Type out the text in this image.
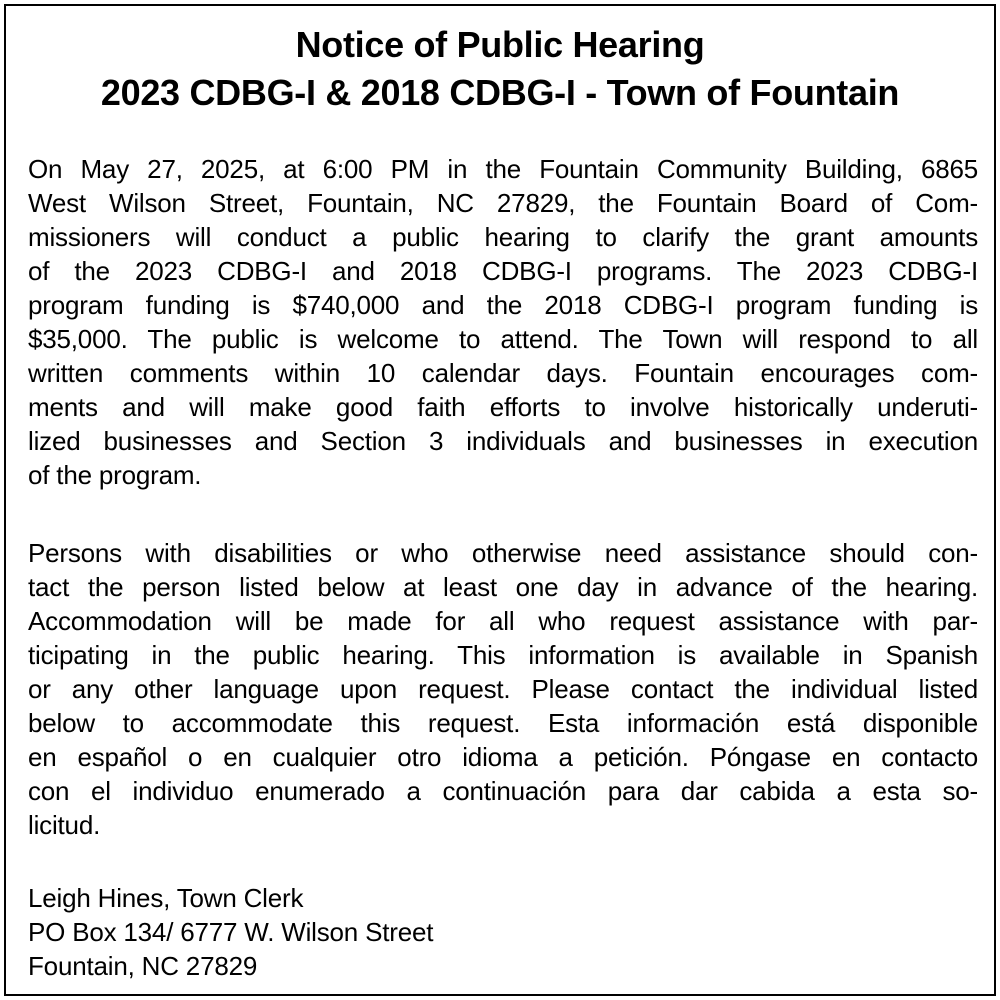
Notice of Public Hearing
2023 CDBG-I & 2018 CDBG-I - Town of Fountain
On May 27, 2025, at 6:00 PM in the Fountain Community Building, 6865
West Wilson Street, Fountain, NC 27829, the Fountain Board of Com-
missioners will conduct a public hearing to clarify the grant amounts
of the 2023 CDBG-I and 2018 CDBG-I programs. The 2023 CDBG-I
program funding is $740,000 and the 2018 CDBG-I program funding is
$35,000. The public is welcome to attend. The Town will respond to all
written comments within 10 calendar days. Fountain encourages com-
ments and will make good faith efforts to involve historically underuti-
lized businesses and Section 3 individuals and businesses in execution
of the program.
Persons with disabilities or who otherwise need assistance should con-
tact the person listed below at least one day in advance of the hearing.
Accommodation will be made for all who request assistance with par-
ticipating in the public hearing. This information is available in Spanish
or any other language upon request. Please contact the individual listed
below to accommodate this request. Esta información está disponible
en español o en cualquier otro idioma a petición. Póngase en contacto
con el individuo enumerado a continuación para dar cabida a esta so-
licitud.
Leigh Hines, Town Clerk
PO Box 134/ 6777 W. Wilson Street
Fountain, NC 27829
